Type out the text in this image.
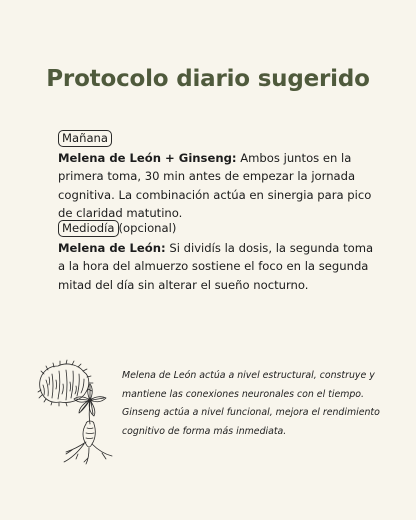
Protocolo diario sugerido
Mañana
Melena de León + Ginseng: Ambos juntos en la primera toma, 30 min antes de empezar la jornada cognitiva. La combinación actúa en sinergia para pico de claridad matutino.
Mediodía (opcional)
Melena de León: Si dividís la dosis, la segunda toma a la hora del almuerzo sostiene el foco en la segunda mitad del día sin alterar el sueño nocturno.

Melena de León actúa a nivel estructural, construye y mantiene las conexiones neuronales con el tiempo.

Ginseng actúa a nivel funcional, mejora el rendimiento cognitivo de forma más inmediata.
